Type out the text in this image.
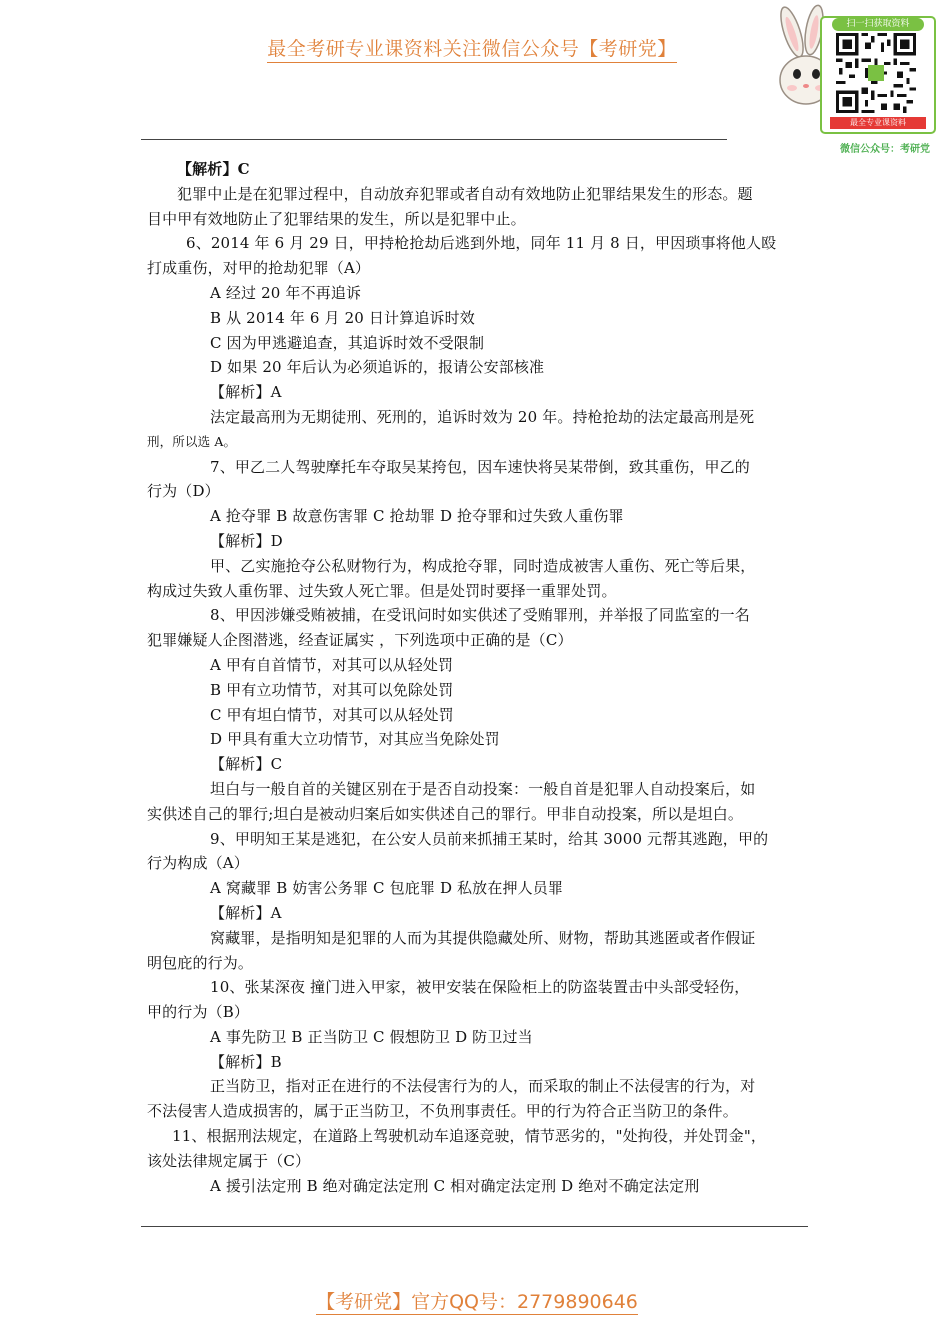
最全考研专业课资料关注微信公众号【考研党】
扫一扫获取资料
最全专业课资料
微信公众号：考研党
【解析】C
犯罪中止是在犯罪过程中，自动放弃犯罪或者自动有效地防止犯罪结果发生的形态。题
目中甲有效地防止了犯罪结果的发生，所以是犯罪中止。
6、2014 年 6 月 29 日，甲持枪抢劫后逃到外地，同年 11 月 8 日，甲因琐事将他人殴
打成重伤，对甲的抢劫犯罪（A）
A 经过 20 年不再追诉
B 从 2014 年 6 月 20 日计算追诉时效
C 因为甲逃避追查，其追诉时效不受限制
D 如果 20 年后认为必须追诉的，报请公安部核准
【解析】A
法定最高刑为无期徒刑、死刑的，追诉时效为 20 年。持枪抢劫的法定最高刑是死
刑，所以选 A。
7、甲乙二人驾驶摩托车夺取吴某挎包，因车速快将吴某带倒，致其重伤，甲乙的
行为（D）
A 抢夺罪 B 故意伤害罪 C 抢劫罪 D 抢夺罪和过失致人重伤罪
【解析】D
甲、乙实施抢夺公私财物行为，构成抢夺罪，同时造成被害人重伤、死亡等后果，
构成过失致人重伤罪、过失致人死亡罪。但是处罚时要择一重罪处罚。
8、甲因涉嫌受贿被捕，在受讯问时如实供述了受贿罪刑，并举报了同监室的一名
犯罪嫌疑人企图潜逃，经查证属实 ，下列选项中正确的是（C）
A 甲有自首情节，对其可以从轻处罚
B 甲有立功情节，对其可以免除处罚
C 甲有坦白情节，对其可以从轻处罚
D 甲具有重大立功情节，对其应当免除处罚
【解析】C
坦白与一般自首的关键区别在于是否自动投案：一般自首是犯罪人自动投案后，如
实供述自己的罪行;坦白是被动归案后如实供述自己的罪行。甲非自动投案，所以是坦白。
9、甲明知王某是逃犯，在公安人员前来抓捕王某时，给其 3000 元帮其逃跑，甲的
行为构成（A）
A 窝藏罪 B 妨害公务罪 C 包庇罪 D 私放在押人员罪
【解析】A
窝藏罪，是指明知是犯罪的人而为其提供隐藏处所、财物，帮助其逃匿或者作假证
明包庇的行为。
10、张某深夜 撞门进入甲家，被甲安装在保险柜上的防盗装置击中头部受轻伤，
甲的行为（B）
A 事先防卫 B 正当防卫 C 假想防卫 D 防卫过当
【解析】B
正当防卫，指对正在进行的不法侵害行为的人，而采取的制止不法侵害的行为，对
不法侵害人造成损害的，属于正当防卫，不负刑事责任。甲的行为符合正当防卫的条件。
11、根据刑法规定，在道路上驾驶机动车追逐竞驶，情节恶劣的，"处拘役，并处罚金"，
该处法律规定属于（C）
A 援引法定刑 B 绝对确定法定刑 C 相对确定法定刑 D 绝对不确定法定刑
【考研党】官方QQ号：2779890646
